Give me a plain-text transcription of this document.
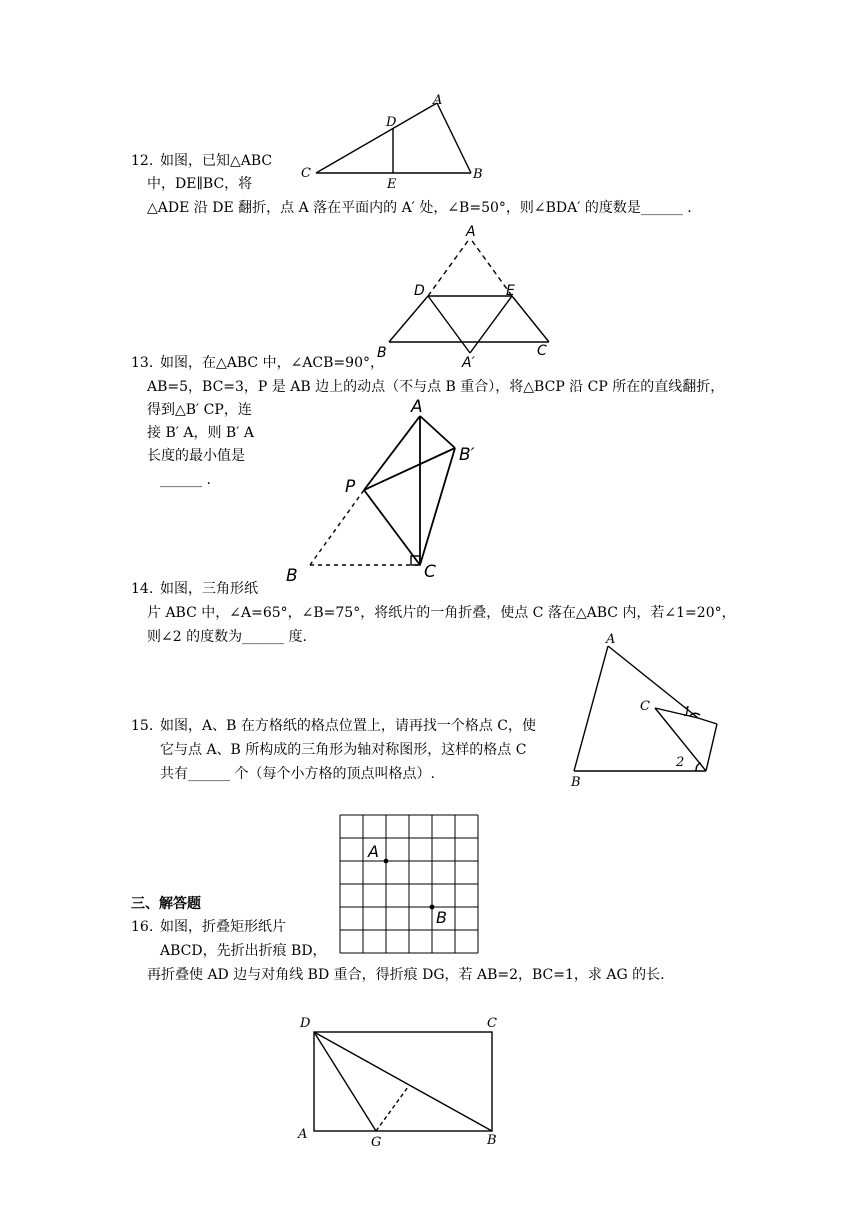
A
D
C
E
B
12. 如图，已知△ABC
中，DE∥BC，将
△ADE 沿 DE 翻折，点 A 落在平面内的 A′ 处，∠B=50°，则∠BDA′ 的度数是______ .
A
D	E
B	C
A′
13. 如图，在△ABC 中，∠ACB=90°，
AB=5，BC=3，P 是 AB 边上的动点（不与点 B 重合），将△BCP 沿 CP 所在的直线翻折，
得到△B′ CP，连
接 B′ A，则 B′ A
长度的最小值是
______ .
A
B′
P
C
B
14. 如图，三角形纸
片 ABC 中，∠A=65°，∠B=75°，将纸片的一角折叠，使点 C 落在△ABC 内，若∠1=20°，
则∠2 的度数为______ 度.	A
C	1
2
B
15. 如图，A、B 在方格纸的格点位置上，请再找一个格点 C，使
它与点 A、B 所构成的三角形为轴对称图形，这样的格点 C
共有______ 个（每个小方格的顶点叫格点）.
A
B
三、解答题
16. 如图，折叠矩形纸片
ABCD，先折出折痕 BD，
再折叠使 AD 边与对角线 BD 重合，得折痕 DG，若 AB=2，BC=1，求 AG 的长.
D	C
A
G	B
